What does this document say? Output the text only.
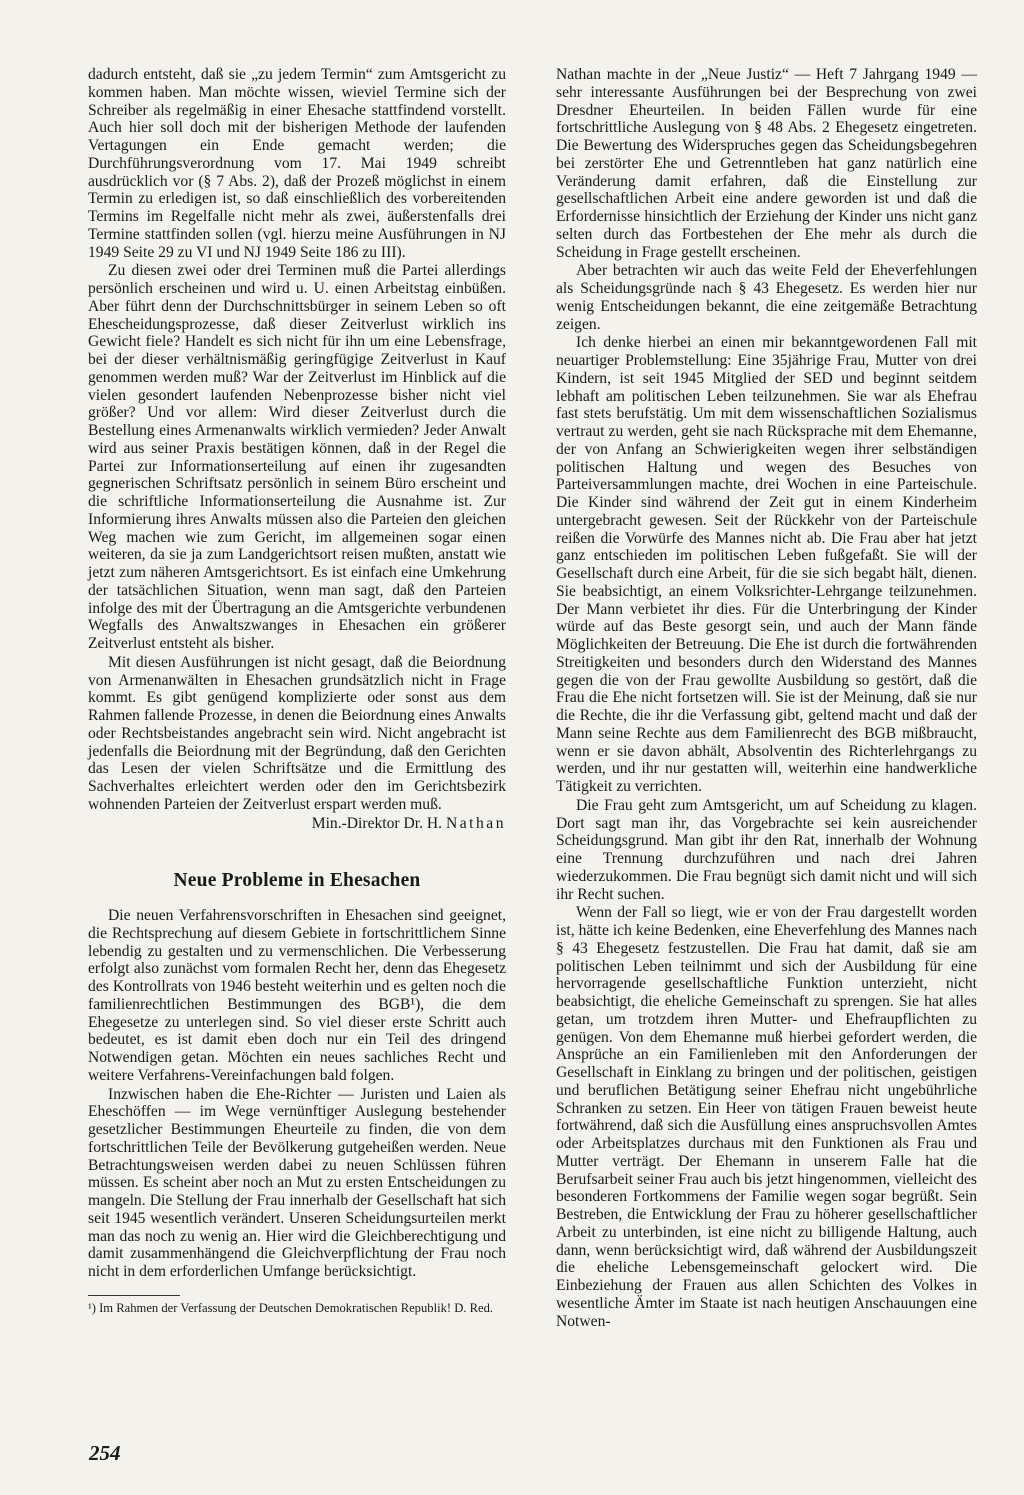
dadurch entsteht, daß sie „zu jedem Termin“ zum Amtsgericht zu kommen haben. Man möchte wissen, wieviel Termine sich der Schreiber als regelmäßig in einer Ehesache stattfindend vorstellt. Auch hier soll doch mit der bisherigen Methode der laufenden Vertagungen ein Ende gemacht werden; die Durchführungsverordnung vom 17. Mai 1949 schreibt ausdrücklich vor (§ 7 Abs. 2), daß der Prozeß möglichst in einem Termin zu erledigen ist, so daß einschließlich des vorbereitenden Termins im Regelfalle nicht mehr als zwei, äußerstenfalls drei Termine stattfinden sollen (vgl. hierzu meine Ausführungen in NJ 1949 Seite 29 zu VI und NJ 1949 Seite 186 zu III).

Zu diesen zwei oder drei Terminen muß die Partei allerdings persönlich erscheinen und wird u. U. einen Arbeitstag einbüßen. Aber führt denn der Durchschnittsbürger in seinem Leben so oft Ehescheidungsprozesse, daß dieser Zeitverlust wirklich ins Gewicht fiele? Handelt es sich nicht für ihn um eine Lebensfrage, bei der dieser verhältnismäßig geringfügige Zeitverlust in Kauf genommen werden muß? War der Zeitverlust im Hinblick auf die vielen gesondert laufenden Nebenprozesse bisher nicht viel größer? Und vor allem: Wird dieser Zeitverlust durch die Bestellung eines Armenanwalts wirklich vermieden? Jeder Anwalt wird aus seiner Praxis bestätigen können, daß in der Regel die Partei zur Informationserteilung auf einen ihr zugesandten gegnerischen Schriftsatz persönlich in seinem Büro erscheint und die schriftliche Informationserteilung die Ausnahme ist. Zur Informierung ihres Anwalts müssen also die Parteien den gleichen Weg machen wie zum Gericht, im allgemeinen sogar einen weiteren, da sie ja zum Landgerichtsort reisen mußten, anstatt wie jetzt zum näheren Amtsgerichtsort. Es ist einfach eine Umkehrung der tatsächlichen Situation, wenn man sagt, daß den Parteien infolge des mit der Übertragung an die Amtsgerichte verbundenen Wegfalls des Anwaltszwanges in Ehesachen ein größerer Zeitverlust entsteht als bisher.

Mit diesen Ausführungen ist nicht gesagt, daß die Beiordnung von Armenanwälten in Ehesachen grundsätzlich nicht in Frage kommt. Es gibt genügend komplizierte oder sonst aus dem Rahmen fallende Prozesse, in denen die Beiordnung eines Anwalts oder Rechtsbeistandes angebracht sein wird. Nicht angebracht ist jedenfalls die Beiordnung mit der Begründung, daß den Gerichten das Lesen der vielen Schriftsätze und die Ermittlung des Sachverhaltes erleichtert werden oder den im Gerichtsbezirk wohnenden Parteien der Zeitverlust erspart werden muß.

Min.-Direktor Dr. H. Nathan
Neue Probleme in Ehesachen

Die neuen Verfahrensvorschriften in Ehesachen sind geeignet, die Rechtsprechung auf diesem Gebiete in fortschrittlichem Sinne lebendig zu gestalten und zu vermenschlichen. Die Verbesserung erfolgt also zunächst vom formalen Recht her, denn das Ehegesetz des Kontrollrats von 1946 besteht weiterhin und es gelten noch die familienrechtlichen Bestimmungen des BGB¹), die dem Ehegesetze zu unterlegen sind. So viel dieser erste Schritt auch bedeutet, es ist damit eben doch nur ein Teil des dringend Notwendigen getan. Möchten ein neues sachliches Recht und weitere Verfahrens-Vereinfachungen bald folgen.

Inzwischen haben die Ehe-Richter — Juristen und Laien als Eheschöffen — im Wege vernünftiger Auslegung bestehender gesetzlicher Bestimmungen Eheurteile zu finden, die von dem fortschrittlichen Teile der Bevölkerung gutgeheißen werden. Neue Betrachtungsweisen werden dabei zu neuen Schlüssen führen müssen. Es scheint aber noch an Mut zu ersten Entscheidungen zu mangeln. Die Stellung der Frau innerhalb der Gesellschaft hat sich seit 1945 wesentlich verändert. Unseren Scheidungsurteilen merkt man das noch zu wenig an. Hier wird die Gleichberechtigung und damit zusammenhängend die Gleichverpflichtung der Frau noch nicht in dem erforderlichen Umfange berücksichtigt.

¹) Im Rahmen der Verfassung der Deutschen Demokratischen Republik! D. Red.

Nathan machte in der „Neue Justiz“ — Heft 7 Jahrgang 1949 — sehr interessante Ausführungen bei der Besprechung von zwei Dresdner Eheurteilen. In beiden Fällen wurde für eine fortschrittliche Auslegung von § 48 Abs. 2 Ehegesetz eingetreten. Die Bewertung des Widerspruches gegen das Scheidungsbegehren bei zerstörter Ehe und Getrenntleben hat ganz natürlich eine Veränderung damit erfahren, daß die Einstellung zur gesellschaftlichen Arbeit eine andere geworden ist und daß die Erfordernisse hinsichtlich der Erziehung der Kinder uns nicht ganz selten durch das Fortbestehen der Ehe mehr als durch die Scheidung in Frage gestellt erscheinen.

Aber betrachten wir auch das weite Feld der Eheverfehlungen als Scheidungsgründe nach § 43 Ehegesetz. Es werden hier nur wenig Entscheidungen bekannt, die eine zeitgemäße Betrachtung zeigen.

Ich denke hierbei an einen mir bekanntgewordenen Fall mit neuartiger Problemstellung: Eine 35jährige Frau, Mutter von drei Kindern, ist seit 1945 Mitglied der SED und beginnt seitdem lebhaft am politischen Leben teilzunehmen. Sie war als Ehefrau fast stets berufstätig. Um mit dem wissenschaftlichen Sozialismus vertraut zu werden, geht sie nach Rücksprache mit dem Ehemanne, der von Anfang an Schwierigkeiten wegen ihrer selbständigen politischen Haltung und wegen des Besuches von Parteiversammlungen machte, drei Wochen in eine Parteischule. Die Kinder sind während der Zeit gut in einem Kinderheim untergebracht gewesen. Seit der Rückkehr von der Parteischule reißen die Vorwürfe des Mannes nicht ab. Die Frau aber hat jetzt ganz entschieden im politischen Leben fußgefaßt. Sie will der Gesellschaft durch eine Arbeit, für die sie sich begabt hält, dienen. Sie beabsichtigt, an einem Volksrichter-Lehrgange teilzunehmen. Der Mann verbietet ihr dies. Für die Unterbringung der Kinder würde auf das Beste gesorgt sein, und auch der Mann fände Möglichkeiten der Betreuung. Die Ehe ist durch die fortwährenden Streitigkeiten und besonders durch den Widerstand des Mannes gegen die von der Frau gewollte Ausbildung so gestört, daß die Frau die Ehe nicht fortsetzen will. Sie ist der Meinung, daß sie nur die Rechte, die ihr die Verfassung gibt, geltend macht und daß der Mann seine Rechte aus dem Familienrecht des BGB mißbraucht, wenn er sie davon abhält, Absolventin des Richterlehrgangs zu werden, und ihr nur gestatten will, weiterhin eine handwerkliche Tätigkeit zu verrichten.

Die Frau geht zum Amtsgericht, um auf Scheidung zu klagen. Dort sagt man ihr, das Vorgebrachte sei kein ausreichender Scheidungsgrund. Man gibt ihr den Rat, innerhalb der Wohnung eine Trennung durchzuführen und nach drei Jahren wiederzukommen. Die Frau begnügt sich damit nicht und will sich ihr Recht suchen.

Wenn der Fall so liegt, wie er von der Frau dargestellt worden ist, hätte ich keine Bedenken, eine Eheverfehlung des Mannes nach § 43 Ehegesetz festzustellen. Die Frau hat damit, daß sie am politischen Leben teilnimmt und sich der Ausbildung für eine hervorragende gesellschaftliche Funktion unterzieht, nicht beabsichtigt, die eheliche Gemeinschaft zu sprengen. Sie hat alles getan, um trotzdem ihren Mutter- und Ehefraupflichten zu genügen. Von dem Ehemanne muß hierbei gefordert werden, die Ansprüche an ein Familienleben mit den Anforderungen der Gesellschaft in Einklang zu bringen und der politischen, geistigen und beruflichen Betätigung seiner Ehefrau nicht ungebührliche Schranken zu setzen. Ein Heer von tätigen Frauen beweist heute fortwährend, daß sich die Ausfüllung eines anspruchsvollen Amtes oder Arbeitsplatzes durchaus mit den Funktionen als Frau und Mutter verträgt. Der Ehemann in unserem Falle hat die Berufsarbeit seiner Frau auch bis jetzt hingenommen, vielleicht des besonderen Fortkommens der Familie wegen sogar begrüßt. Sein Bestreben, die Entwicklung der Frau zu höherer gesellschaftlicher Arbeit zu unterbinden, ist eine nicht zu billigende Haltung, auch dann, wenn berücksichtigt wird, daß während der Ausbildungszeit die eheliche Lebensgemeinschaft gelockert wird. Die Einbeziehung der Frauen aus allen Schichten des Volkes in wesentliche Ämter im Staate ist nach heutigen Anschauungen eine Notwen-

254
